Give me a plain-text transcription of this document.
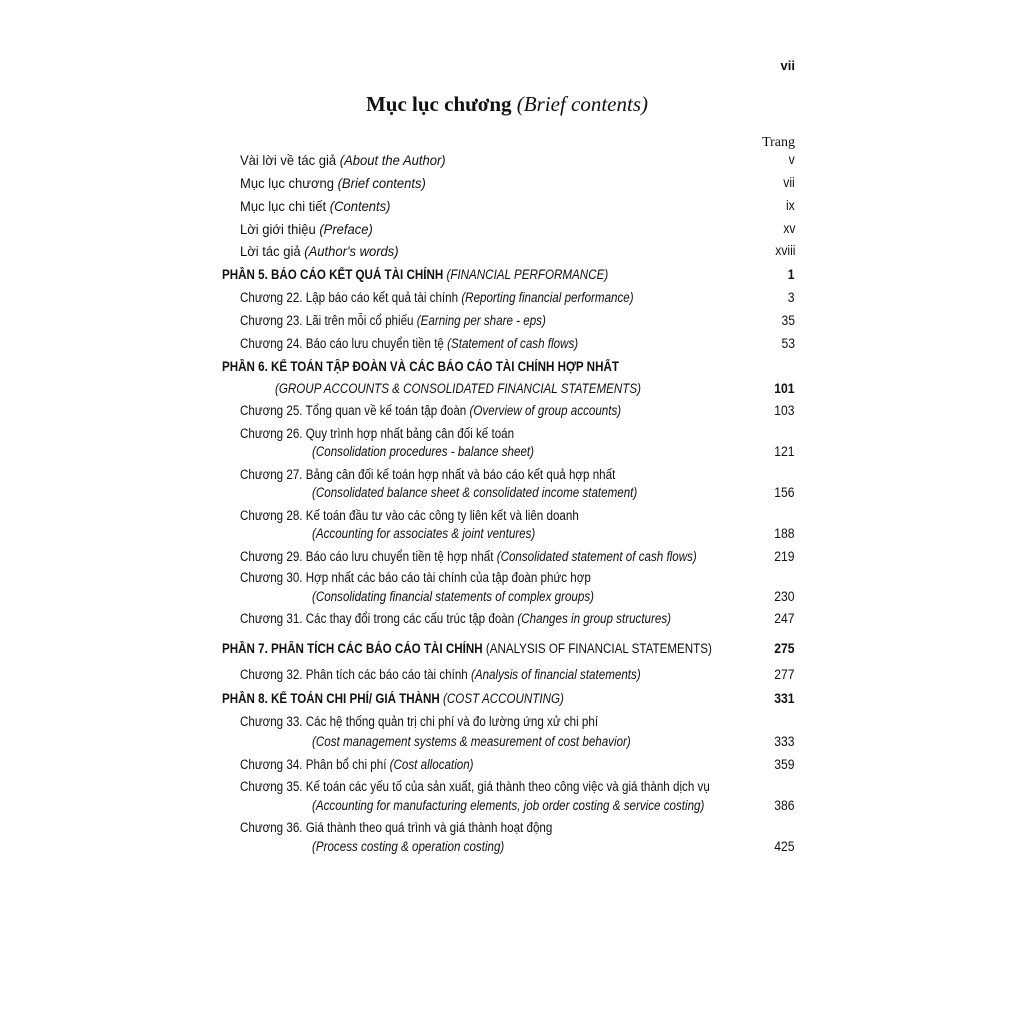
vii
Mục lục chương (Brief contents)
Trang
Vài lời về tác giả (About the Author)	v
Mục lục chương (Brief contents)	vii
Mục lục chi tiết (Contents)	ix
Lời giới thiệu (Preface)	xv
Lời tác giả (Author's words)	xviii
PHẦN 5. BÁO CÁO KẾT QUẢ TÀI CHÍNH (FINANCIAL PERFORMANCE)	1
Chương 22. Lập báo cáo kết quả tài chính (Reporting financial performance)	3
Chương 23. Lãi trên mỗi cổ phiếu (Earning per share - eps)	35
Chương 24. Báo cáo lưu chuyển tiền tệ (Statement of cash flows)	53
PHẦN 6. KẾ TOÁN TẬP ĐOÀN VÀ CÁC BÁO CÁO TÀI CHÍNH HỢP NHẤT
(GROUP ACCOUNTS & CONSOLIDATED FINANCIAL STATEMENTS)	101
Chương 25. Tổng quan về kế toán tập đoàn (Overview of group accounts)	103
Chương 26. Quy trình hợp nhất bảng cân đối kế toán
(Consolidation procedures - balance sheet)	121
Chương 27. Bảng cân đối kế toán hợp nhất và báo cáo kết quả hợp nhất
(Consolidated balance sheet & consolidated income statement)	156
Chương 28. Kế toán đầu tư vào các công ty liên kết và liên doanh
(Accounting for associates & joint ventures)	188
Chương 29. Báo cáo lưu chuyển tiền tệ hợp nhất (Consolidated statement of cash flows)	219
Chương 30. Hợp nhất các báo cáo tài chính của tập đoàn phức hợp
(Consolidating financial statements of complex groups)	230
Chương 31. Các thay đổi trong các cấu trúc tập đoàn (Changes in group structures)	247
PHẦN 7. PHÂN TÍCH CÁC BÁO CÁO TÀI CHÍNH (ANALYSIS OF FINANCIAL STATEMENTS)	275
Chương 32. Phân tích các báo cáo tài chính (Analysis of financial statements)	277
PHẦN 8. KẾ TOÁN CHI PHÍ/ GIÁ THÀNH (COST ACCOUNTING)	331
Chương 33. Các hệ thống quản trị chi phí và đo lường ứng xử chi phí
(Cost management systems & measurement of cost behavior)	333
Chương 34. Phân bổ chi phí (Cost allocation)	359
Chương 35. Kế toán các yếu tố của sản xuất, giá thành theo công việc và giá thành dịch vụ
(Accounting for manufacturing elements, job order costing & service costing)	386
Chương 36. Giá thành theo quá trình và giá thành hoạt động
(Process costing & operation costing)	425
